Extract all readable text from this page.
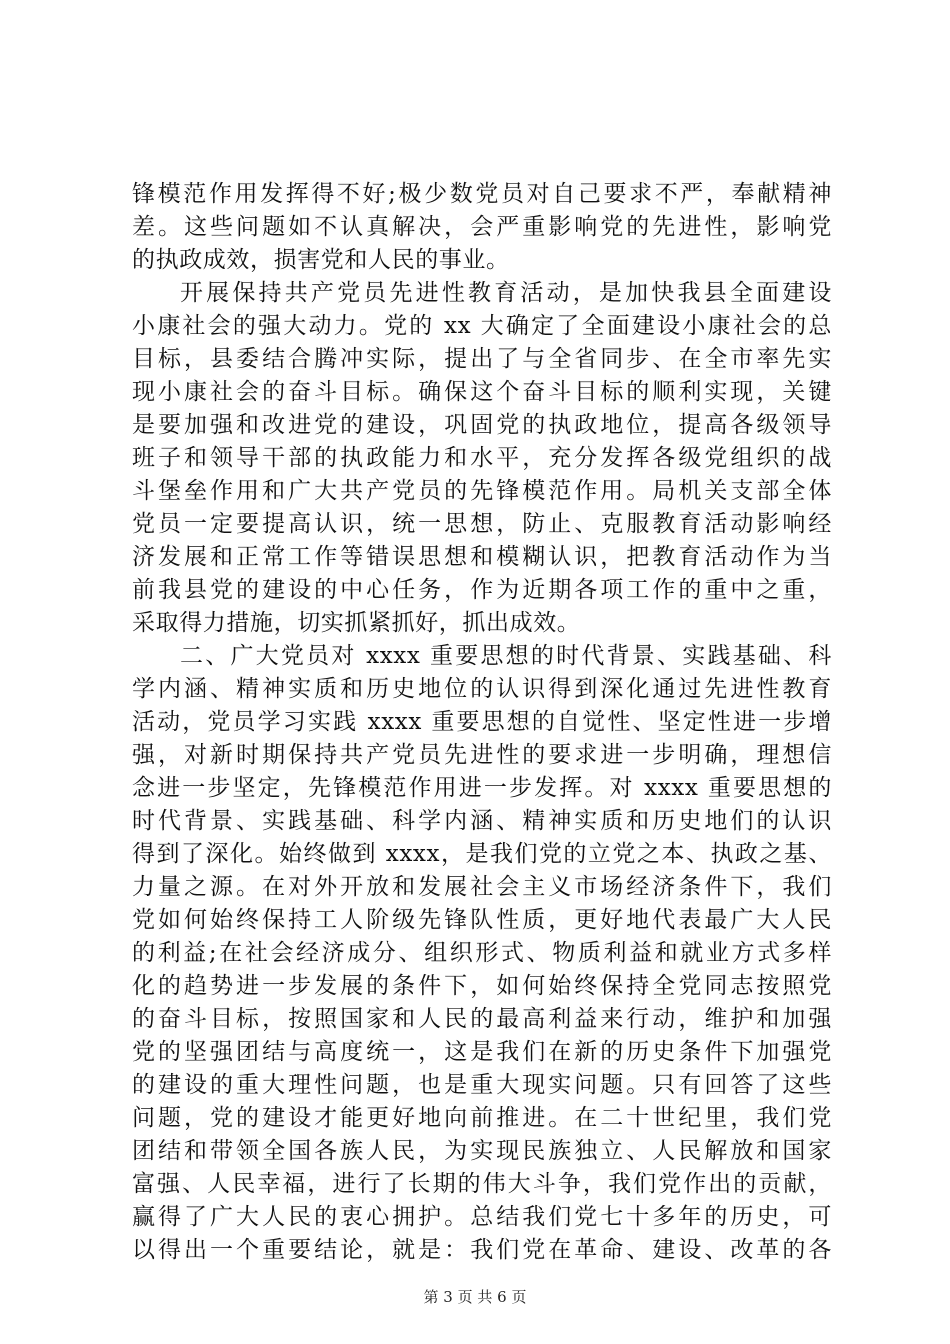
锋模范作用发挥得不好;极少数党员对自己要求不严，奉献精神
差。这些问题如不认真解决，会严重影响党的先进性，影响党
的执政成效，损害党和人民的事业。
开展保持共产党员先进性教育活动，是加快我县全面建设
小康社会的强大动力。党的 xx 大确定了全面建设小康社会的总
目标，县委结合腾冲实际，提出了与全省同步、在全市率先实
现小康社会的奋斗目标。确保这个奋斗目标的顺利实现，关键
是要加强和改进党的建设，巩固党的执政地位，提高各级领导
班子和领导干部的执政能力和水平，充分发挥各级党组织的战
斗堡垒作用和广大共产党员的先锋模范作用。局机关支部全体
党员一定要提高认识，统一思想，防止、克服教育活动影响经
济发展和正常工作等错误思想和模糊认识，把教育活动作为当
前我县党的建设的中心任务，作为近期各项工作的重中之重，
采取得力措施，切实抓紧抓好，抓出成效。
二、广大党员对 xxxx 重要思想的时代背景、实践基础、科
学内涵、精神实质和历史地位的认识得到深化通过先进性教育
活动，党员学习实践 xxxx 重要思想的自觉性、坚定性进一步增
强，对新时期保持共产党员先进性的要求进一步明确，理想信
念进一步坚定，先锋模范作用进一步发挥。对 xxxx 重要思想的
时代背景、实践基础、科学内涵、精神实质和历史地们的认识
得到了深化。始终做到 xxxx，是我们党的立党之本、执政之基、
力量之源。在对外开放和发展社会主义市场经济条件下，我们
党如何始终保持工人阶级先锋队性质，更好地代表最广大人民
的利益;在社会经济成分、组织形式、物质利益和就业方式多样
化的趋势进一步发展的条件下，如何始终保持全党同志按照党
的奋斗目标，按照国家和人民的最高利益来行动，维护和加强
党的坚强团结与高度统一，这是我们在新的历史条件下加强党
的建设的重大理性问题，也是重大现实问题。只有回答了这些
问题，党的建设才能更好地向前推进。在二十世纪里，我们党
团结和带领全国各族人民，为实现民族独立、人民解放和国家
富强、人民幸福，进行了长期的伟大斗争，我们党作出的贡献，
赢得了广大人民的衷心拥护。总结我们党七十多年的历史，可
以得出一个重要结论，就是：我们党在革命、建设、改革的各
第 3 页 共 6 页
